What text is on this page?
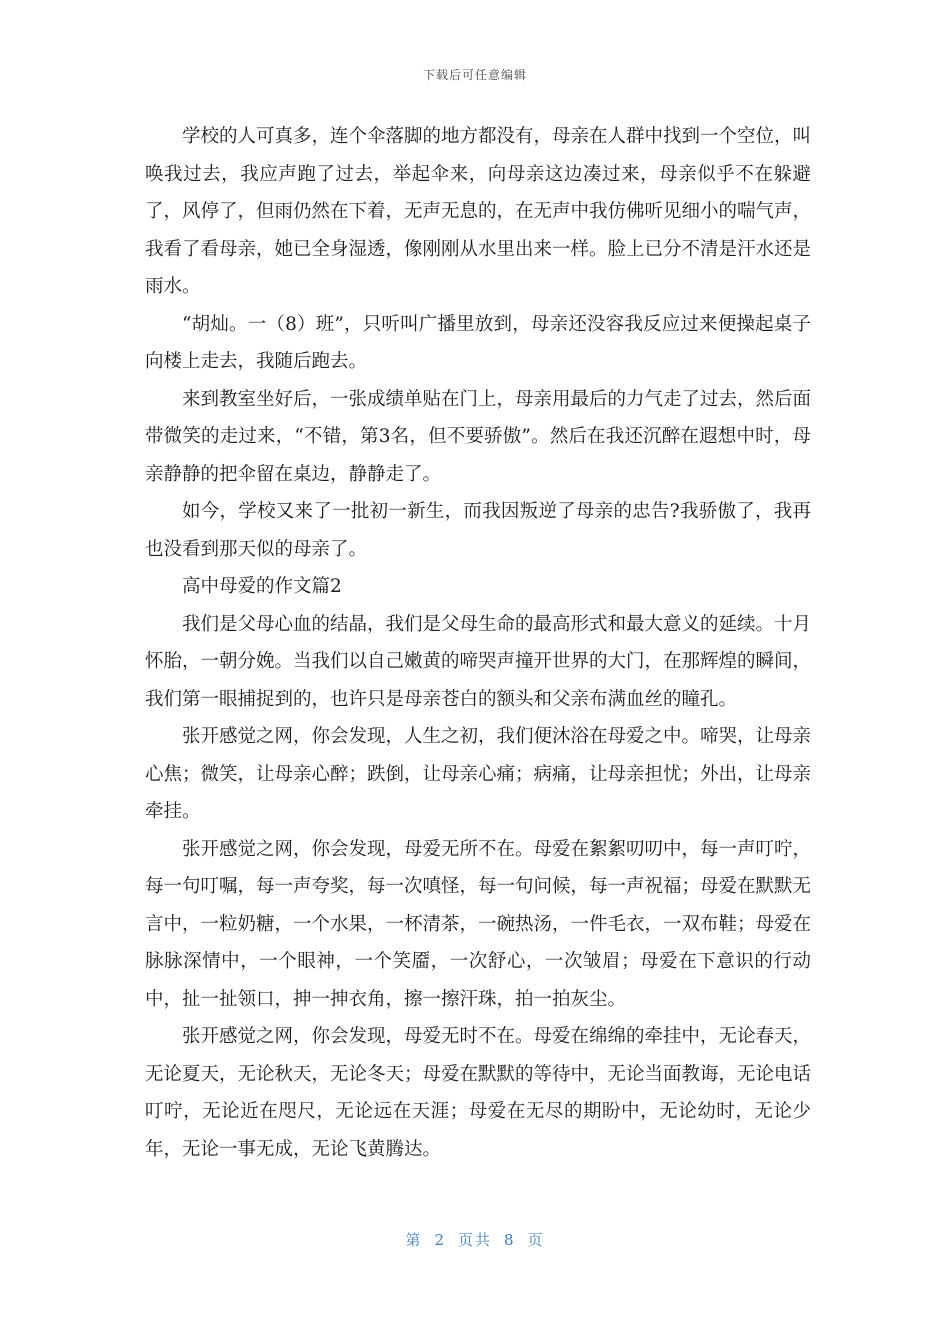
下载后可任意编辑

学校的人可真多，连个伞落脚的地方都没有，母亲在人群中找到一个空位，叫唤我过去，我应声跑了过去，举起伞来，向母亲这边凑过来，母亲似乎不在躲避了，风停了，但雨仍然在下着，无声无息的，在无声中我仿佛听见细小的喘气声，我看了看母亲，她已全身湿透，像刚刚从水里出来一样。脸上已分不清是汗水还是雨水。

“胡灿。一（8）班”，只听叫广播里放到，母亲还没容我反应过来便操起桌子向楼上走去，我随后跑去。

来到教室坐好后，一张成绩单贴在门上，母亲用最后的力气走了过去，然后面带微笑的走过来，“不错，第3名，但不要骄傲”。然后在我还沉醉在遐想中时，母亲静静的把伞留在桌边，静静走了。

如今，学校又来了一批初一新生，而我因叛逆了母亲的忠告?我骄傲了，我再也没看到那天似的母亲了。

高中母爱的作文篇2

我们是父母心血的结晶，我们是父母生命的最高形式和最大意义的延续。十月怀胎，一朝分娩。当我们以自己嫩黄的啼哭声撞开世界的大门，在那辉煌的瞬间，我们第一眼捕捉到的，也许只是母亲苍白的额头和父亲布满血丝的瞳孔。

张开感觉之网，你会发现，人生之初，我们便沐浴在母爱之中。啼哭，让母亲心焦；微笑，让母亲心醉；跌倒，让母亲心痛；病痛，让母亲担忧；外出，让母亲牵挂。

张开感觉之网，你会发现，母爱无所不在。母爱在絮絮叨叨中，每一声叮咛，每一句叮嘱，每一声夸奖，每一次嗔怪，每一句问候，每一声祝福；母爱在默默无言中，一粒奶糖，一个水果，一杯清茶，一碗热汤，一件毛衣，一双布鞋；母爱在脉脉深情中，一个眼神，一个笑靥，一次舒心，一次皱眉；母爱在下意识的行动中，扯一扯领口，抻一抻衣角，擦一擦汗珠，拍一拍灰尘。

张开感觉之网，你会发现，母爱无时不在。母爱在绵绵的牵挂中，无论春天，无论夏天，无论秋天，无论冬天；母爱在默默的等待中，无论当面教诲，无论电话叮咛，无论近在咫尺，无论远在天涯；母爱在无尽的期盼中，无论幼时，无论少年，无论一事无成，无论飞黄腾达。

第 2 页共 8 页
